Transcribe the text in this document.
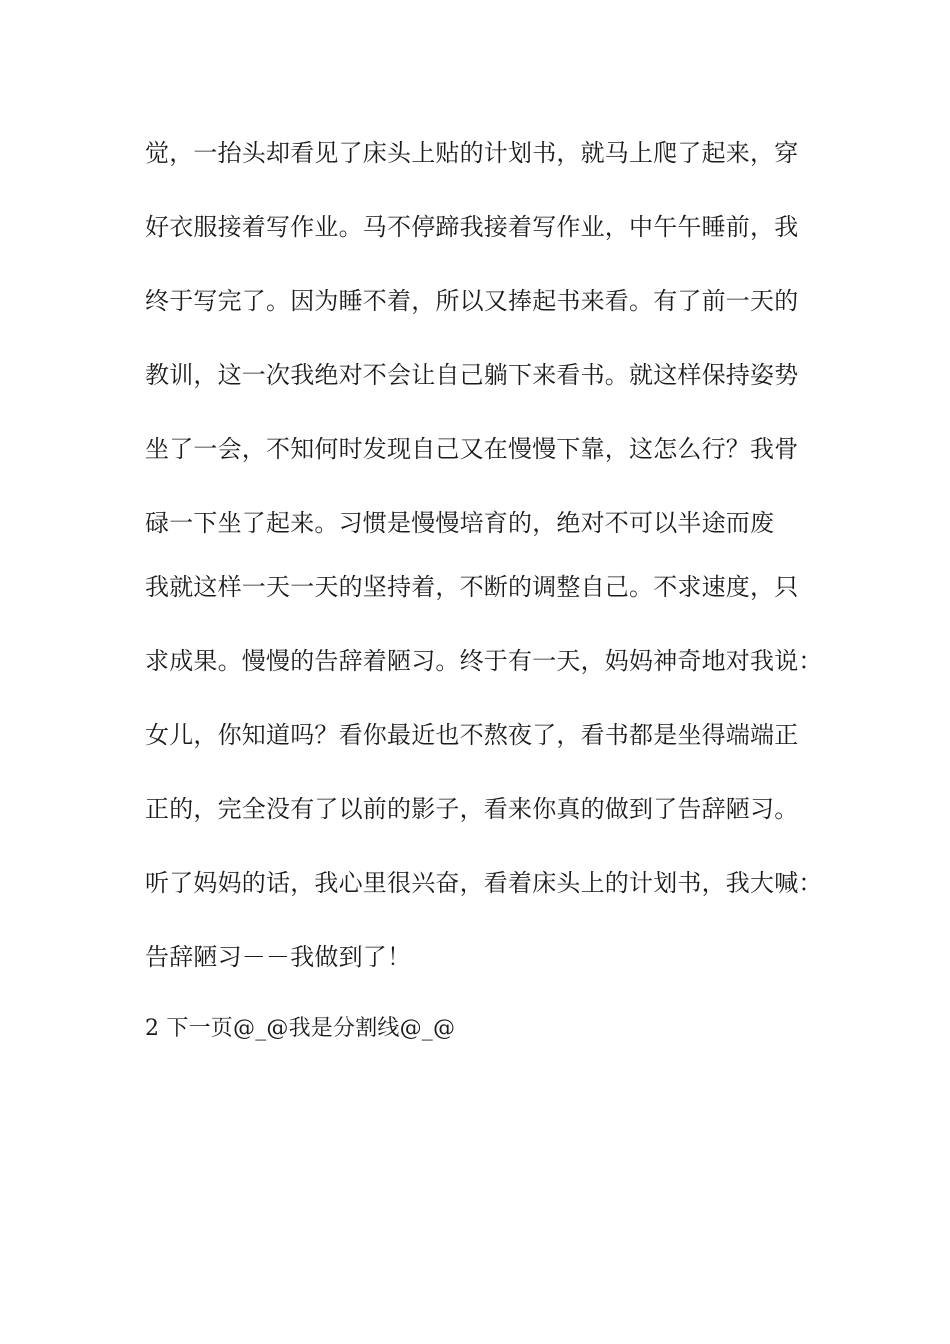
觉，一抬头却看见了床头上贴的计划书，就马上爬了起来，穿
好衣服接着写作业。马不停蹄我接着写作业，中午午睡前，我
终于写完了。因为睡不着，所以又捧起书来看。有了前一天的
教训，这一次我绝对不会让自己躺下来看书。就这样保持姿势
坐了一会，不知何时发现自己又在慢慢下靠，这怎么行？我骨
碌一下坐了起来。习惯是慢慢培育的，绝对不可以半途而废
我就这样一天一天的坚持着，不断的调整自己。不求速度，只
求成果。慢慢的告辞着陋习。终于有一天，妈妈神奇地对我说：
女儿，你知道吗？看你最近也不熬夜了，看书都是坐得端端正
正的，完全没有了以前的影子，看来你真的做到了告辞陋习。
听了妈妈的话，我心里很兴奋，看着床头上的计划书，我大喊：
告辞陋习－－我做到了！
2 下一页@_@我是分割线@_@
